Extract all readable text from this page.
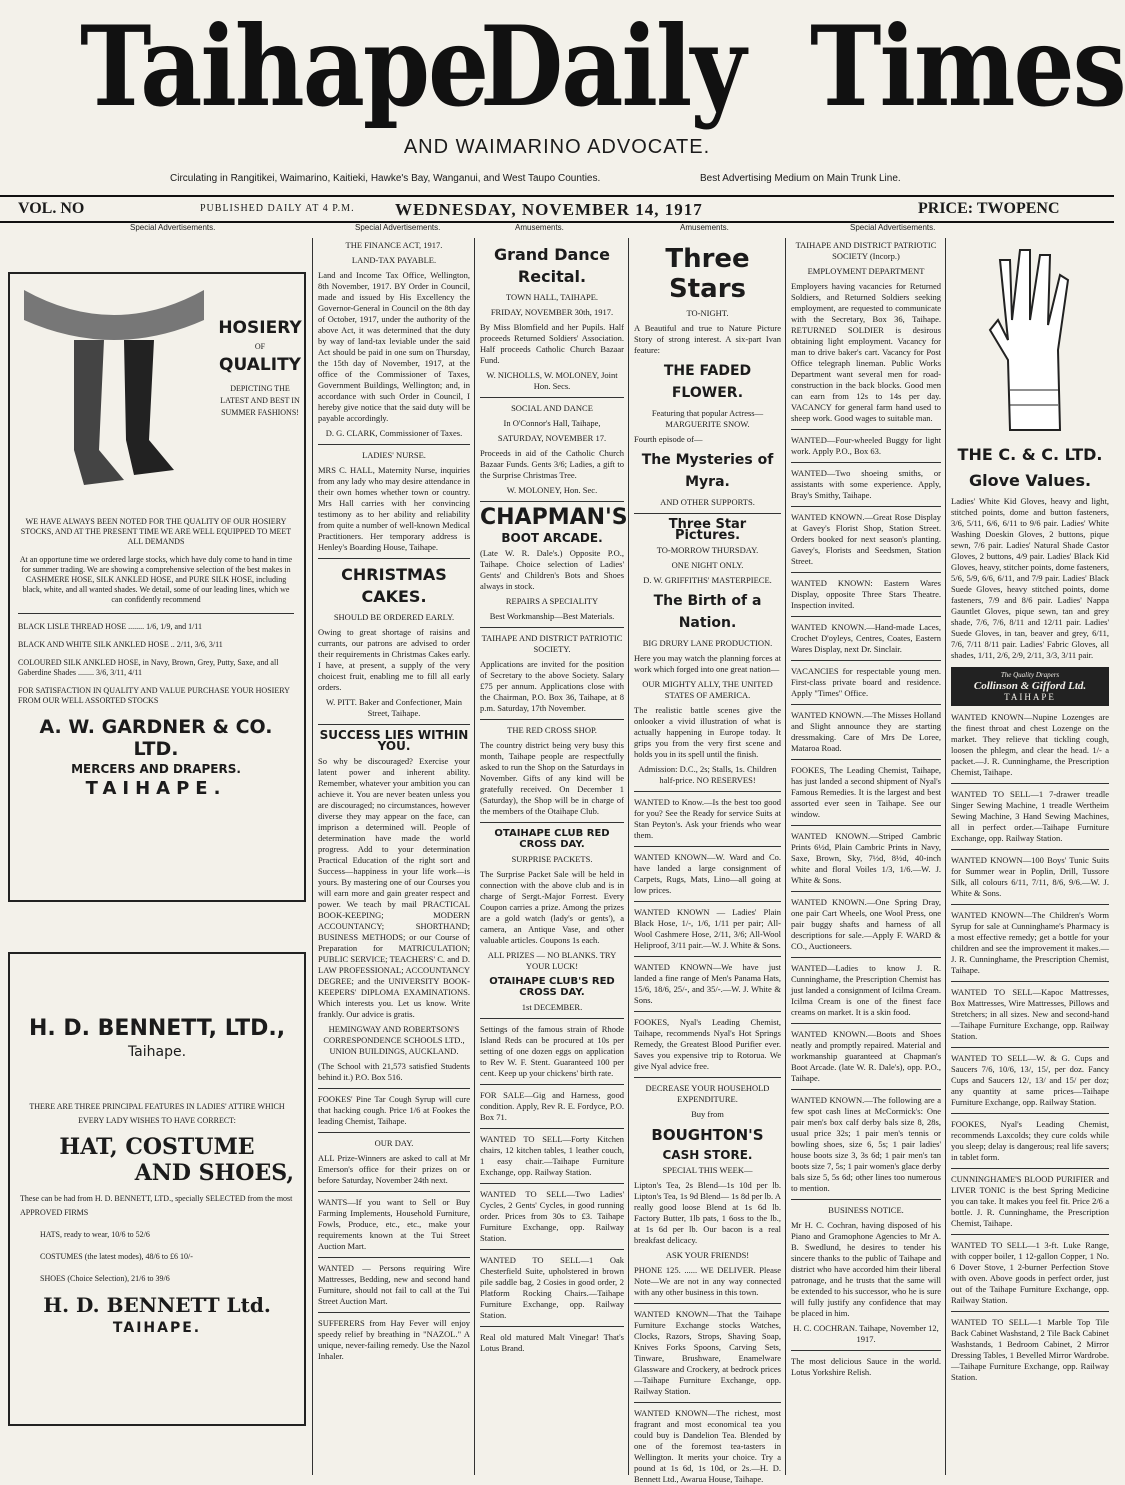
Taihape
Daily Times
AND WAIMARINO ADVOCATE.
Circulating in Rangitikei, Waimarino, Kaitieki, Hawke's Bay, Wanganui, and West Taupo Counties.	Best Advertising Medium on Main Trunk Line.
VOL. NO	PUBLISHED DAILY AT 4 P.M. WEDNESDAY, NOVEMBER 14, 1917	PRICE: TWOPENC
Special Advertisements.	Special Advertisements.	Amusements.	Amusements.	Special Advertisements.
HOSIERY
OF
QUALITY

DEPICTING THE LATEST AND BEST IN SUMMER FASHIONS!

WE HAVE ALWAYS BEEN NOTED FOR THE QUALITY OF OUR HOSIERY STOCKS, AND AT THE PRESENT TIME WE ARE WELL EQUIPPED TO MEET ALL DEMANDS

At an opportune time we ordered large stocks, which have duly come to hand in time for summer trading. We are showing a comprehensive selection of the best makes in CASHMERE HOSE, SILK ANKLED HOSE, and PURE SILK HOSE, including black, white, and all wanted shades. We detail, some of our leading lines, which we can confidently recommend

BLACK LISLE THREAD HOSE ........ 1/6, 1/9, and 1/11

BLACK AND WHITE SILK ANKLED HOSE .. 2/11, 3/6, 3/11

COLOURED SILK ANKLED HOSE, in Navy, Brown, Grey, Putty, Saxe, and all Gaberdine Shades ........ 3/6, 3/11, 4/11

FOR SATISFACTION IN QUALITY AND VALUE PURCHASE YOUR HOSIERY FROM OUR WELL ASSORTED STOCKS

A. W. GARDNER & CO. LTD.
MERCERS AND DRAPERS.
TAIHAPE.
H. D. BENNETT, LTD.,
Taihape.

THERE ARE THREE PRINCIPAL FEATURES IN LADIES' ATTIRE WHICH EVERY LADY WISHES TO HAVE CORRECT:

HAT, COSTUME
AND SHOES,

These can be had from H. D. BENNETT, LTD., specially SELECTED from the most APPROVED FIRMS

HATS, ready to wear, 10/6 to 52/6

COSTUMES (the latest modes), 48/6 to £6 10/-

SHOES (Choice Selection), 21/6 to 39/6

H. D. BENNETT Ltd.
TAIHAPE.

THE FINANCE ACT, 1917.

LAND-TAX PAYABLE.

Land and Income Tax Office, Wellington, 8th November, 1917. BY Order in Council, made and issued by His Excellency the Governor-General in Council on the 8th day of October, 1917, under the authority of the above Act, it was determined that the duty by way of land-tax leviable under the said Act should be paid in one sum on Thursday, the 15th day of November, 1917, at the office of the Commissioner of Taxes, Government Buildings, Wellington; and, in accordance with such Order in Council, I hereby give notice that the said duty will be payable accordingly.

D. G. CLARK, Commissioner of Taxes.

LADIES' NURSE.

MRS C. HALL, Maternity Nurse, inquiries from any lady who may desire attendance in their own homes whether town or country. Mrs Hall carries with her convincing testimony as to her ability and reliability from quite a number of well-known Medical Practitioners. Her temporary address is Henley's Boarding House, Taihape.

CHRISTMAS CAKES.

SHOULD BE ORDERED EARLY.

Owing to great shortage of raisins and currants, our patrons are advised to order their requirements in Christmas Cakes early. I have, at present, a supply of the very choicest fruit, enabling me to fill all early orders.

W. PITT. Baker and Confectioner, Main Street, Taihape.

SUCCESS LIES WITHIN YOU.

So why be discouraged? Exercise your latent power and inherent ability. Remember, whatever your ambition you can achieve it. You are never beaten unless you are discouraged; no circumstances, however diverse they may appear on the face, can imprison a determined will. People of determination have made the world progress. Add to your determination Practical Education of the right sort and Success—happiness in your life work—is yours. By mastering one of our Courses you will earn more and gain greater respect and power. We teach by mail PRACTICAL BOOK-KEEPING; MODERN ACCOUNTANCY; SHORTHAND; BUSINESS METHODS; or our Course of Preparation for MATRICULATION; PUBLIC SERVICE; TEACHERS' C. and D. LAW PROFESSIONAL; ACCOUNTANCY DEGREE; and the UNIVERSITY BOOK-KEEPERS' DIPLOMA EXAMINATIONS. Which interests you. Let us know. Write frankly. Our advice is gratis.

HEMINGWAY AND ROBERTSON'S CORRESPONDENCE SCHOOLS LTD., UNION BUILDINGS, AUCKLAND.

(The School with 21,573 satisfied Students behind it.) P.O. Box 516.

FOOKES' Pine Tar Cough Syrup will cure that hacking cough. Price 1/6 at Fookes the leading Chemist, Taihape.

OUR DAY.

ALL Prize-Winners are asked to call at Mr Emerson's office for their prizes on or before Saturday, November 24th next.

WANTS—If you want to Sell or Buy Farming Implements, Household Furniture, Fowls, Produce, etc., etc., make your requirements known at the Tui Street Auction Mart.

WANTED — Persons requiring Wire Mattresses, Bedding, new and second hand Furniture, should not fail to call at the Tui Street Auction Mart.

SUFFERERS from Hay Fever will enjoy speedy relief by breathing in "NAZOL." A unique, never-failing remedy. Use the Nazol Inhaler.

Grand Dance Recital.

TOWN HALL, TAIHAPE.

FRIDAY, NOVEMBER 30th, 1917.

By Miss Blomfield and her Pupils. Half proceeds Returned Soldiers' Association. Half proceeds Catholic Church Bazaar Fund.

W. NICHOLLS, W. MOLONEY, Joint Hon. Secs.

SOCIAL AND DANCE

In O'Connor's Hall, Taihape,

SATURDAY, NOVEMBER 17.

Proceeds in aid of the Catholic Church Bazaar Funds. Gents 3/6; Ladies, a gift to the Surprise Christmas Tree.

W. MOLONEY, Hon. Sec.

CHAPMAN'S
BOOT ARCADE.

(Late W. R. Dale's.) Opposite P.O., Taihape. Choice selection of Ladies' Gents' and Children's Bots and Shoes always in stock.

REPAIRS A SPECIALITY

Best Workmanship—Best Materials.

TAIHAPE AND DISTRICT PATRIOTIC SOCIETY.

Applications are invited for the position of Secretary to the above Society. Salary £75 per annum. Applications close with the Chairman, P.O. Box 36, Taihape, at 8 p.m. Saturday, 17th November.

THE RED CROSS SHOP.

The country district being very busy this month, Taihape people are respectfully asked to run the Shop on the Saturdays in November. Gifts of any kind will be gratefully received. On December 1 (Saturday), the Shop will be in charge of the members of the Otaihape Club.

OTAIHAPE CLUB RED CROSS DAY.

SURPRISE PACKETS.

The Surprise Packet Sale will be held in connection with the above club and is in charge of Sergt.-Major Forrest. Every Coupon carries a prize. Among the prizes are a gold watch (lady's or gents'), a camera, an Antique Vase, and other valuable articles. Coupons 1s each.

ALL PRIZES — NO BLANKS. TRY YOUR LUCK!

OTAIHAPE CLUB'S RED CROSS DAY.

1st DECEMBER.

Settings of the famous strain of Rhode Island Reds can be procured at 10s per setting of one dozen eggs on application to Rev W. F. Stent. Guaranteed 100 per cent. Keep up your chickens' birth rate.

FOR SALE—Gig and Harness, good condition. Apply, Rev R. E. Fordyce, P.O. Box 71.

WANTED TO SELL—Forty Kitchen chairs, 12 kitchen tables, 1 leather couch, 1 easy chair.—Taihape Furniture Exchange, opp. Railway Station.

WANTED TO SELL—Two Ladies' Cycles, 2 Gents' Cycles, in good running order. Prices from 30s to £3. Taihape Furniture Exchange, opp. Railway Station.

WANTED TO SELL—1 Oak Chesterfield Suite, upholstered in brown pile saddle bag, 2 Cosies in good order, 2 Platform Rocking Chairs.—Taihape Furniture Exchange, opp. Railway Station.

Real old matured Malt Vinegar! That's Lotus Brand.

Three Stars

TO-NIGHT.

A Beautiful and true to Nature Picture Story of strong interest. A six-part Ivan feature:

THE FADED FLOWER.

Featuring that popular Actress— MARGUERITE SNOW.

Fourth episode of—

The Mysteries of Myra.

AND OTHER SUPPORTS.

Three Star Pictures.

TO-MORROW THURSDAY.

ONE NIGHT ONLY.

D. W. GRIFFITHS' MASTERPIECE.

The Birth of a Nation.

BIG DRURY LANE PRODUCTION.

Here you may watch the planning forces at work which forged into one great nation—

OUR MIGHTY ALLY, THE UNITED STATES OF AMERICA.

The realistic battle scenes give the onlooker a vivid illustration of what is actually happening in Europe today. It grips you from the very first scene and holds you in its spell until the finish.

Admission: D.C., 2s; Stalls, 1s. Children half-price. NO RESERVES!

WANTED to Know.—Is the best too good for you? See the Ready for service Suits at Stan Peyton's. Ask your friends who wear them.

WANTED KNOWN—W. Ward and Co. have landed a large consignment of Carpets, Rugs, Mats, Lino—all going at low prices.

WANTED KNOWN — Ladies' Plain Black Hose, 1/-, 1/6, 1/11 per pair; All-Wool Cashmere Hose, 2/11, 3/6; All-Wool Heliproof, 3/11 pair.—W. J. White & Sons.

WANTED KNOWN—We have just landed a fine range of Men's Panama Hats, 15/6, 18/6, 25/-, and 35/-.—W. J. White & Sons.

FOOKES, Nyal's Leading Chemist, Taihape, recommends Nyal's Hot Springs Remedy, the Greatest Blood Purifier ever. Saves you expensive trip to Rotorua. We give Nyal advice free.

DECREASE YOUR HOUSEHOLD EXPENDITURE.

Buy from

BOUGHTON'S
CASH STORE.

SPECIAL THIS WEEK—

Lipton's Tea, 2s Blend—1s 10d per lb. Lipton's Tea, 1s 9d Blend— 1s 8d per lb. A really good loose Blend at 1s 6d lb. Factory Butter, 1lb pats, 1 6oss to the lb., at 1s 6d per lb. Our bacon is a real breakfast delicacy.

ASK YOUR FRIENDS!

PHONE 125. ...... WE DELIVER. Please Note—We are not in any way connected with any other business in this town.

WANTED KNOWN—That the Taihape Furniture Exchange stocks Watches, Clocks, Razors, Strops, Shaving Soap, Knives Forks Spoons, Carving Sets, Tinware, Brushware, Enamelware Glassware and Crockery, at bedrock prices—Taihape Furniture Exchange, opp. Railway Station.

WANTED KNOWN—The richest, most fragrant and most economical tea you could buy is Dandelion Tea. Blended by one of the foremost tea-tasters in Wellington. It merits your choice. Try a pound at 1s 6d, 1s 10d, or 2s.—H. D. Bennett Ltd., Awarua House, Taihape.

TAIHAPE AND DISTRICT PATRIOTIC SOCIETY (Incorp.)

EMPLOYMENT DEPARTMENT

Employers having vacancies for Returned Soldiers, and Returned Soldiers seeking employment, are requested to communicate with the Secretary, Box 36, Taihape. RETURNED SOLDIER is desirous obtaining light employment. Vacancy for man to drive baker's cart. Vacancy for Post Office telegraph lineman. Public Works Department want several men for road-construction in the back blocks. Good men can earn from 12s to 14s per day. VACANCY for general farm hand used to sheep work. Good wages to suitable man.

WANTED—Four-wheeled Buggy for light work. Apply P.O., Box 63.

WANTED—Two shoeing smiths, or assistants with some experience. Apply, Bray's Smithy, Taihape.

WANTED KNOWN.—Great Rose Display at Gavey's Florist Shop, Station Street. Orders booked for next season's planting. Gavey's, Florists and Seedsmen, Station Street.

WANTED KNOWN: Eastern Wares Display, opposite Three Stars Theatre. Inspection invited.

WANTED KNOWN.—Hand-made Laces, Crochet D'oyleys, Centres, Coates, Eastern Wares Display, next Dr. Sinclair.

VACANCIES for respectable young men. First-class private board and residence. Apply "Times" Office.

WANTED KNOWN.—The Misses Holland and Slight announce they are starting dressmaking. Care of Mrs De Loree, Mataroa Road.

FOOKES, The Leading Chemist, Taihape, has just landed a second shipment of Nyal's Famous Remedies. It is the largest and best assorted ever seen in Taihape. See our window.

WANTED KNOWN.—Striped Cambric Prints 6½d, Plain Cambric Prints in Navy, Saxe, Brown, Sky, 7½d, 8½d, 40-inch white and floral Voiles 1/3, 1/6.—W. J. White & Sons.

WANTED KNOWN.—One Spring Dray, one pair Cart Wheels, one Wool Press, one pair buggy shafts and harness of all descriptions for sale.—Apply F. WARD & CO., Auctioneers.

WANTED—Ladies to know J. R. Cunninghame, the Prescription Chemist has just landed a consignment of Icilma Cream. Icilma Cream is one of the finest face creams on market. It is a skin food.

WANTED KNOWN.—Boots and Shoes neatly and promptly repaired. Material and workmanship guaranteed at Chapman's Boot Arcade. (late W. R. Dale's), opp. P.O., Taihape.

WANTED KNOWN.—The following are a few spot cash lines at McCormick's: One pair men's box calf derby bals size 8, 28s, usual price 32s; 1 pair men's tennis or bowling shoes, size 6, 5s; 1 pair ladies' house boots size 3, 3s 6d; 1 pair men's tan boots size 7, 5s; 1 pair women's glace derby bals size 5, 5s 6d; other lines too numerous to mention.

BUSINESS NOTICE.

Mr H. C. Cochran, having disposed of his Piano and Gramophone Agencies to Mr A. B. Swedlund, he desires to tender his sincere thanks to the public of Taihape and district who have accorded him their liberal patronage, and he trusts that the same will be extended to his successor, who he is sure will fully justify any confidence that may be placed in him.

H. C. COCHRAN. Taihape, November 12, 1917.

The most delicious Sauce in the world. Lotus Yorkshire Relish.

THE C. & C. LTD.
Glove Values.

Ladies' White Kid Gloves, heavy and light, stitched points, dome and button fasteners, 3/6, 5/11, 6/6, 6/11 to 9/6 pair. Ladies' White Washing Doeskin Gloves, 2 buttons, pique sewn, 7/6 pair. Ladies' Natural Shade Castor Gloves, 2 buttons, 4/9 pair. Ladies' Black Kid Gloves, heavy, stitcher points, dome fasteners, 5/6, 5/9, 6/6, 6/11, and 7/9 pair. Ladies' Black Suede Gloves, heavy stitched points, dome fasteners, 7/9 and 8/6 pair. Ladies' Nappa Gauntlet Gloves, pique sewn, tan and grey shade, 7/6, 7/6, 8/11 and 12/11 pair. Ladies' Suede Gloves, in tan, beaver and grey, 6/11, 7/6, 7/11 8/11 pair. Ladies' Fabric Gloves, all shades, 1/11, 2/6, 2/9, 2/11, 3/3, 3/11 pair.

The Quality Drapers
Collinson & Gifford Ltd.
TAIHAPE

WANTED KNOWN—Nupine Lozenges are the finest throat and chest Lozenge on the market. They relieve that tickling cough, loosen the phlegm, and clear the head. 1/- a packet.—J. R. Cunninghame, the Prescription Chemist, Taihape.

WANTED TO SELL—1 7-drawer treadle Singer Sewing Machine, 1 treadle Wertheim Sewing Machine, 3 Hand Sewing Machines, all in perfect order.—Taihape Furniture Exchange, opp. Railway Station.

WANTED KNOWN—100 Boys' Tunic Suits for Summer wear in Poplin, Drill, Tussore Silk, all colours 6/11, 7/11, 8/6, 9/6.—W. J. White & Sons.

WANTED KNOWN—The Children's Worm Syrup for sale at Cunninghame's Pharmacy is a most effective remedy; get a bottle for your children and see the improvement it makes.—J. R. Cunninghame, the Prescription Chemist, Taihape.

WANTED TO SELL—Kapoc Mattresses, Box Mattresses, Wire Mattresses, Pillows and Stretchers; in all sizes. New and second-hand—Taihape Furniture Exchange, opp. Railway Station.

WANTED TO SELL—W. & G. Cups and Saucers 7/6, 10/6, 13/, 15/, per doz. Fancy Cups and Saucers 12/, 13/ and 15/ per doz; any quantity at same prices—Taihape Furniture Exchange, opp. Railway Station.

FOOKES, Nyal's Leading Chemist, recommends Laxcolds; they cure colds while you sleep; delay is dangerous; real life savers; in tablet form.

CUNNINGHAME'S BLOOD PURIFIER and LIVER TONIC is the best Spring Medicine you can take. It makes you feel fit. Price 2/6 a bottle. J. R. Cunninghame, the Prescription Chemist, Taihape.

WANTED TO SELL—1 3-ft. Luke Range, with copper boiler, 1 12-gallon Copper, 1 No. 6 Dover Stove, 1 2-burner Perfection Stove with oven. Above goods in perfect order, just out of the Taihape Furniture Exchange, opp. Railway Station.

WANTED TO SELL—1 Marble Top Tile Back Cabinet Washstand, 2 Tile Back Cabinet Washstands, 1 Bedroom Cabinet, 2 Mirror Dressing Tables, 1 Bevelled Mirror Wardrobe.—Taihape Furniture Exchange, opp. Railway Station.
